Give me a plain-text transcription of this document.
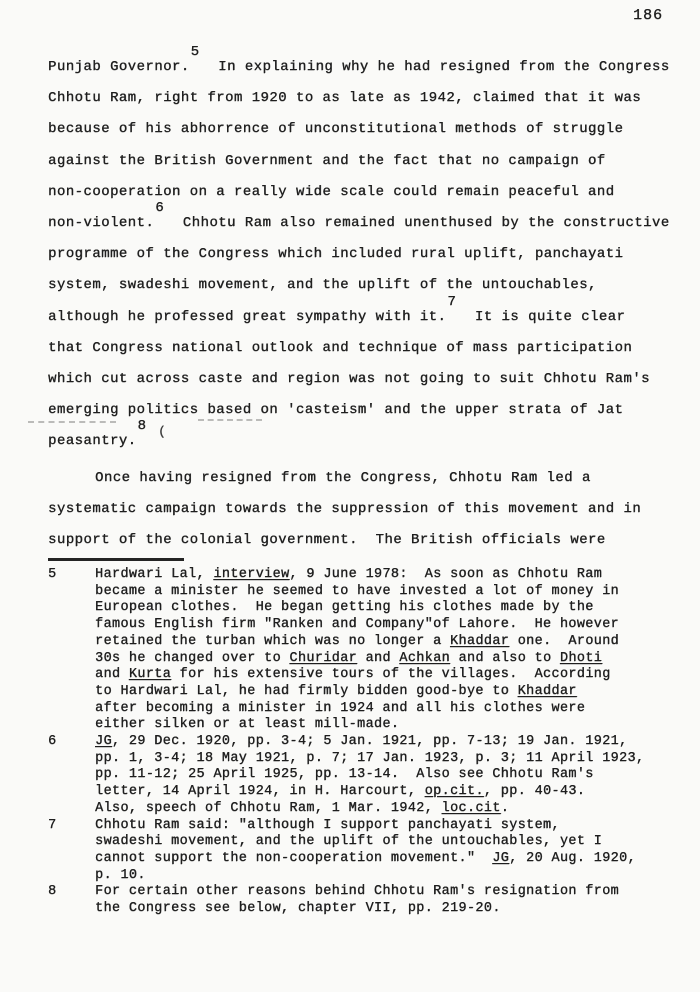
186
Punjab Governor.5  In explaining why he had resigned from the Congress
Chhotu Ram, right from 1920 to as late as 1942, claimed that it was
because of his abhorrence of unconstitutional methods of struggle
against the British Government and the fact that no campaign of
non-cooperation on a really wide scale could remain peaceful and
non-violent.6  Chhotu Ram also remained unenthused by the constructive
programme of the Congress which included rural uplift, panchayati
system, swadeshi movement, and the uplift of the untouchables,
although he professed great sympathy with it.7  It is quite clear
that Congress national outlook and technique of mass participation
which cut across caste and region was not going to suit Chhotu Ram's
emerging politics based on 'casteism' and the upper strata of Jat
peasantry.8
Once having resigned from the Congress, Chhotu Ram led a
systematic campaign towards the suppression of this movement and in
support of the colonial government.  The British officials were
5	Hardwari Lal, interview, 9 June 1978:  As soon as Chhotu Ram
became a minister he seemed to have invested a lot of money in
European clothes.  He began getting his clothes made by the
famous English firm "Ranken and Company"of Lahore.  He however
retained the turban which was no longer a Khaddar one.  Around
30s he changed over to Churidar and Achkan and also to Dhoti
and Kurta for his extensive tours of the villages.  According
to Hardwari Lal, he had firmly bidden good-bye to Khaddar
after becoming a minister in 1924 and all his clothes were
either silken or at least mill-made.
6	JG, 29 Dec. 1920, pp. 3-4; 5 Jan. 1921, pp. 7-13; 19 Jan. 1921,
pp. 1, 3-4; 18 May 1921, p. 7; 17 Jan. 1923, p. 3; 11 April 1923,
pp. 11-12; 25 April 1925, pp. 13-14.  Also see Chhotu Ram's
letter, 14 April 1924, in H. Harcourt, op.cit., pp. 40-43.
Also, speech of Chhotu Ram, 1 Mar. 1942, loc.cit.
7	Chhotu Ram said: "although I support panchayati system,
swadeshi movement, and the uplift of the untouchables, yet I
cannot support the non-cooperation movement."  JG, 20 Aug. 1920,
p. 10.
8	For certain other reasons behind Chhotu Ram's resignation from
the Congress see below, chapter VII, pp. 219-20.
(
